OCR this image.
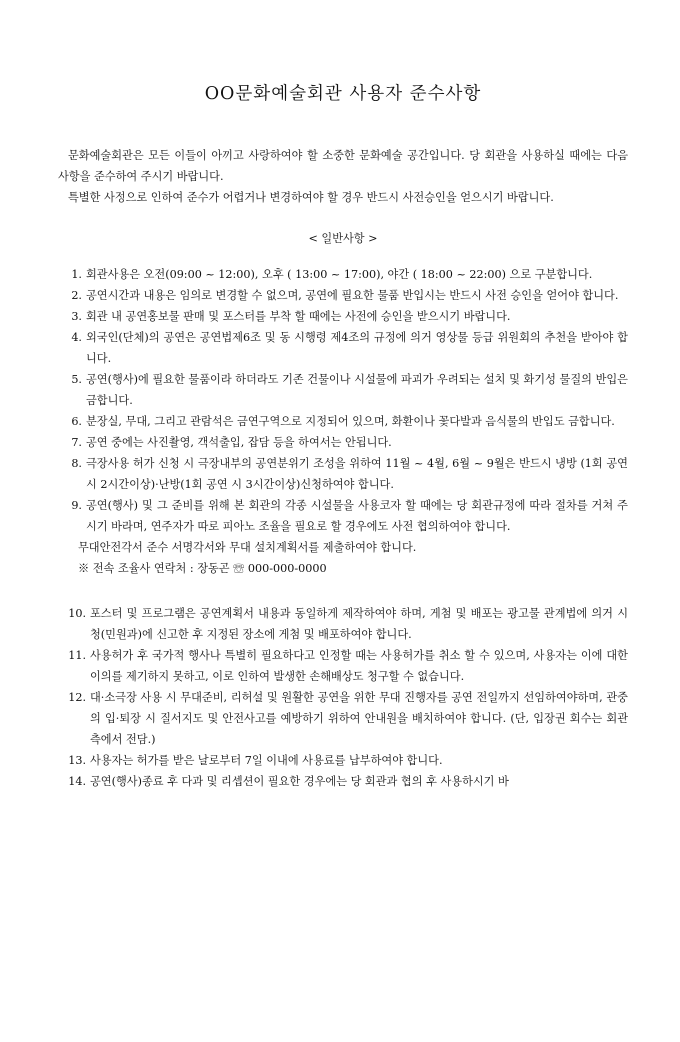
OO문화예술회관 사용자 준수사항

문화예술회관은 모든 이들이 아끼고 사랑하여야 할 소중한 문화예술 공간입니다. 당 회관을 사용하실 때에는 다음 사항을 준수하여 주시기 바랍니다.

특별한 사정으로 인하여 준수가 어렵거나 변경하여야 할 경우 반드시 사전승인을 얻으시기 바랍니다.

< 일반사항 >
1. 회관사용은 오전(09:00 ~ 12:00), 오후 ( 13:00 ~ 17:00), 야간 ( 18:00 ~ 22:00) 으로 구분합니다.
2. 공연시간과 내용은 임의로 변경할 수 없으며, 공연에 필요한 물품 반입시는 반드시 사전 승인을 얻어야 합니다.
3. 회관 내 공연홍보물 판매 및 포스터를 부착 할 때에는 사전에 승인을 받으시기 바랍니다.
4. 외국인(단체)의 공연은 공연법제6조 및 동 시행령 제4조의 규정에 의거 영상물 등급 위원회의 추천을 받아야 합니다.
5. 공연(행사)에 필요한 물품이라 하더라도 기존 건물이나 시설물에 파괴가 우려되는 설치 및 화기성 물질의 반입은 금합니다.
6. 분장실, 무대, 그리고 관람석은 금연구역으로 지정되어 있으며, 화환이나 꽃다발과 음식물의 반입도 금합니다.
7. 공연 중에는 사진촬영, 객석출입, 잡담 등을 하여서는 안됩니다.
8. 극장사용 허가 신청 시 극장내부의 공연분위기 조성을 위하여 11월 ~ 4월, 6월 ~ 9월은 반드시 냉방 (1회 공연 시 2시간이상)·난방(1회 공연 시 3시간이상)신청하여야 합니다.
9. 공연(행사) 및 그 준비를 위해 본 회관의 각종 시설물을 사용코자 할 때에는 당 회관규정에 따라 절차를 거쳐 주시기 바라며, 연주자가 따로 피아노 조율을 필요로 할 경우에도 사전 협의하여야 합니다.
무대안전각서 준수 서명각서와 무대 설치계획서를 제출하여야 합니다.
※ 전속 조율사 연락처 : 장동곤 ☏ 000-000-0000
10. 포스터 및 프로그램은 공연계획서 내용과 동일하게 제작하여야 하며, 게첨 및 배포는 광고물 관계법에 의거 시청(민원과)에 신고한 후 지정된 장소에 게첨 및 배포하여야 합니다.
11. 사용허가 후 국가적 행사나 특별히 필요하다고 인정할 때는 사용허가를 취소 할 수 있으며, 사용자는 이에 대한 이의를 제기하지 못하고, 이로 인하여 발생한 손해배상도 청구할 수 없습니다.
12. 대·소극장 사용 시 무대준비, 리허설 및 원활한 공연을 위한 무대 진행자를 공연 전일까지 선임하여야하며, 관중의 입·퇴장 시 질서지도 및 안전사고를 예방하기 위하여 안내원을 배치하여야 합니다. (단, 입장권 회수는 회관 측에서 전담.)
13. 사용자는 허가를 받은 날로부터 7일 이내에 사용료를 납부하여야 합니다.
14. 공연(행사)종료 후 다과 및 리셉션이 필요한 경우에는 당 회관과 협의 후 사용하시기 바
